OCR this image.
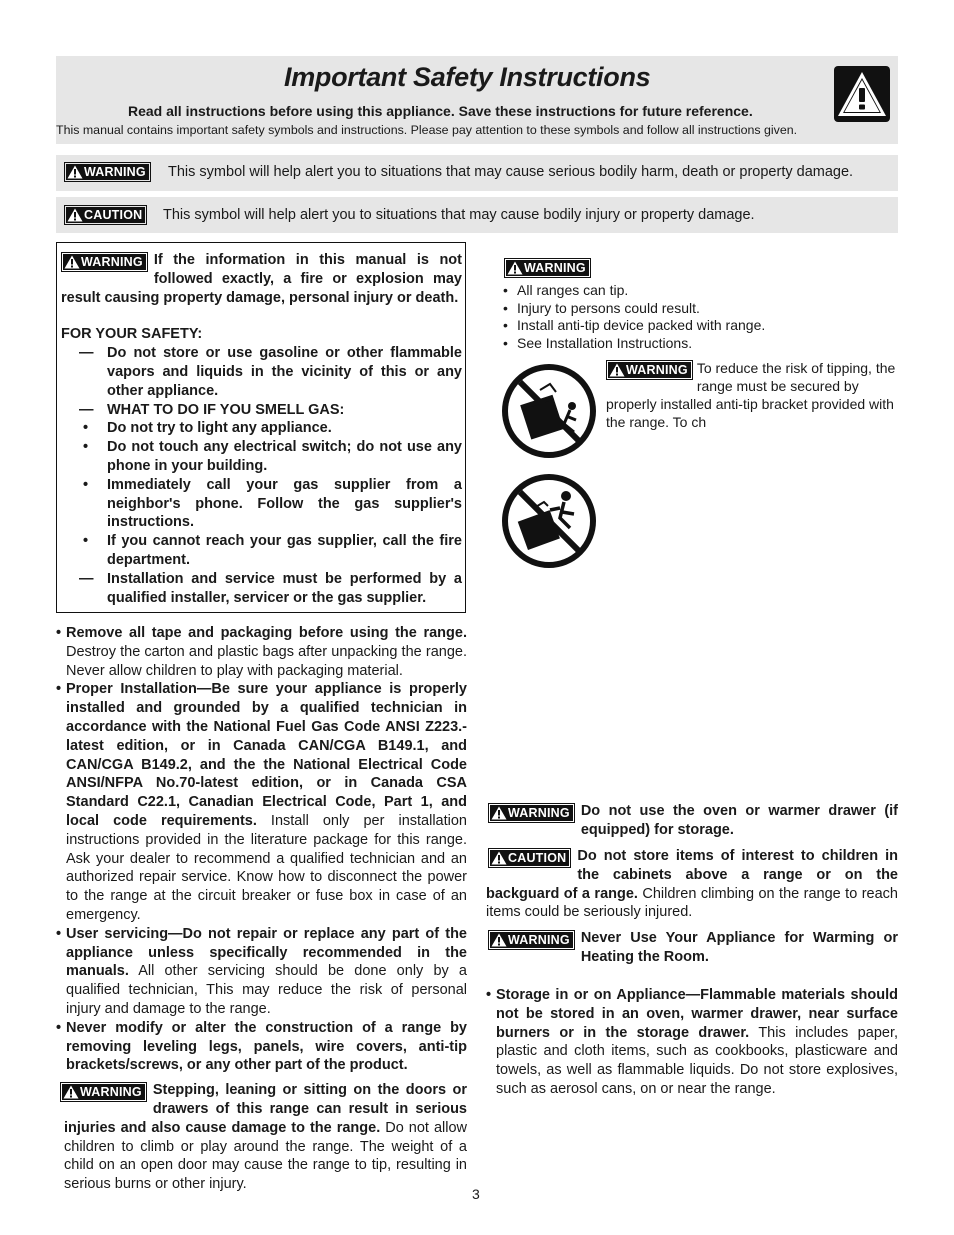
Important Safety Instructions
Read all instructions before using this appliance. Save these instructions for future reference.
This manual contains important safety symbols and instructions. Please pay attention to these symbols and follow all instructions given.
WARNING This symbol will help alert you to situations that may cause serious bodily harm, death or property damage.
CAUTION This symbol will help alert you to situations that may cause bodily injury or property damage.
WARNING If the information in this manual is not followed exactly, a fire or explosion may result causing property damage, personal injury or death.
FOR YOUR SAFETY:
— Do not store or use gasoline or other flammable vapors and liquids in the vicinity of this or any other appliance.
— WHAT TO DO IF YOU SMELL GAS:
• Do not try to light any appliance.
• Do not touch any electrical switch; do not use any phone in your building.
• Immediately call your gas supplier from a neighbor's phone. Follow the gas supplier's instructions.
• If you cannot reach your gas supplier, call the fire department.
— Installation and service must be performed by a qualified installer, servicer or the gas supplier.
• Remove all tape and packaging before using the range. Destroy the carton and plastic bags after unpacking the range. Never allow children to play with packaging material.
• Proper Installation—Be sure your appliance is properly installed and grounded by a qualified technician in accordance with the National Fuel Gas Code ANSI Z223.- latest edition, or in Canada CAN/CGA B149.1, and CAN/CGA B149.2, and the the National Electrical Code ANSI/NFPA No.70-latest edition, or in Canada CSA Standard C22.1, Canadian Electrical Code, Part 1, and local code requirements. Install only per installation instructions provided in the literature package for this range. Ask your dealer to recommend a qualified technician and an authorized repair service. Know how to disconnect the power to the range at the circuit breaker or fuse box in case of an emergency.
• User servicing—Do not repair or replace any part of the appliance unless specifically recommended in the manuals. All other servicing should be done only by a qualified technician, This may reduce the risk of personal injury and damage to the range.
• Never modify or alter the construction of a range by removing leveling legs, panels, wire covers, anti-tip brackets/screws, or any other part of the product.
WARNING Stepping, leaning or sitting on the doors or drawers of this range can result in serious injuries and also cause damage to the range. Do not allow children to climb or play around the range. The weight of a child on an open door may cause the range to tip, resulting in serious burns or other injury.
WARNING
• All ranges can tip.
• Injury to persons could result.
• Install anti-tip device packed with range.
• See Installation Instructions.
WARNING To reduce the risk of tipping, the range must be secured by properly installed anti-tip bracket provided with the range. To ch
WARNING Do not use the oven or warmer drawer (if equipped) for storage.
CAUTION Do not store items of interest to children in the cabinets above a range or on the backguard of a range. Children climbing on the range to reach items could be seriously injured.
WARNING Never Use Your Appliance for Warming or Heating the Room.
• Storage in or on Appliance—Flammable materials should not be stored in an oven, warmer drawer, near surface burners or in the storage drawer. This includes paper, plastic and cloth items, such as cookbooks, plasticware and towels, as well as flammable liquids. Do not store explosives, such as aerosol cans, on or near the range.
3
